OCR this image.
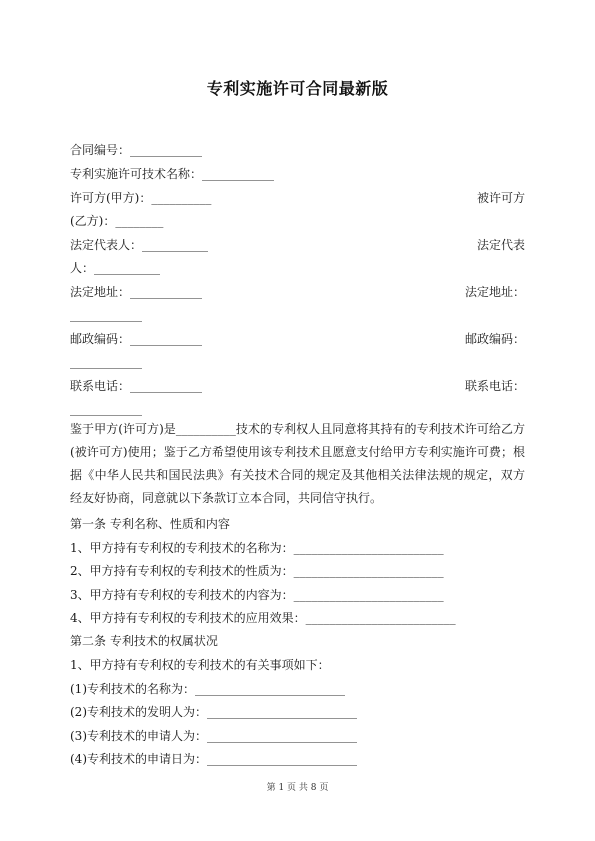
专利实施许可合同最新版
合同编号：____________
专利实施许可技术名称：____________
许可方(甲方)：__________	被许可方
(乙方)：________
法定代表人：___________	法定代表
人：___________
法定地址：____________	法定地址：
____________
邮政编码：____________	邮政编码：
____________
联系电话：____________	联系电话：
____________
鉴于甲方(许可方)是__________技术的专利权人且同意将其持有的专利技术许可给乙方(被许可方)使用；鉴于乙方希望使用该专利技术且愿意支付给甲方专利实施许可费；根据《中华人民共和国民法典》有关技术合同的规定及其他相关法律法规的规定，双方经友好协商，同意就以下条款订立本合同，共同信守执行。
第一条 专利名称、性质和内容
1、甲方持有专利权的专利技术的名称为：_________________________
2、甲方持有专利权的专利技术的性质为：_________________________
3、甲方持有专利权的专利技术的内容为：_________________________
4、甲方持有专利权的专利技术的应用效果：_________________________
第二条 专利技术的权属状况
1、甲方持有专利权的专利技术的有关事项如下：
(1)专利技术的名称为：_________________________
(2)专利技术的发明人为：_________________________
(3)专利技术的申请人为：_________________________
(4)专利技术的申请日为：_________________________
第 1 页 共 8 页
